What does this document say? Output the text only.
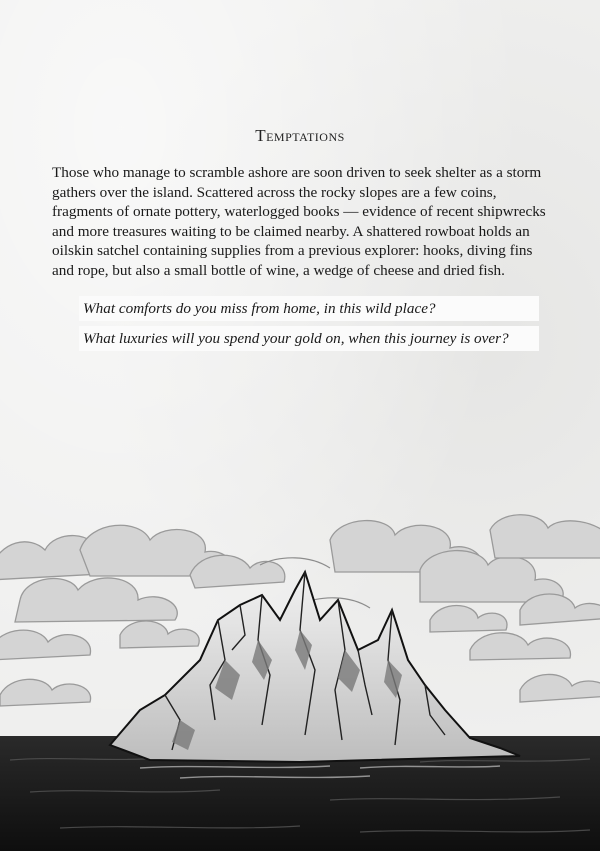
Temptations
Those who manage to scramble ashore are soon driven to seek shelter as a storm gathers over the island. Scattered across the rocky slopes are a few coins, fragments of ornate pottery, waterlogged books — evidence of recent shipwrecks and more treasures waiting to be claimed nearby. A shattered rowboat holds an oilskin satchel containing supplies from a previous explorer: hooks, diving fins and rope, but also a small bottle of wine, a wedge of cheese and dried fish.
What comforts do you miss from home, in this wild place?
What luxuries will you spend your gold on, when this journey is over?
